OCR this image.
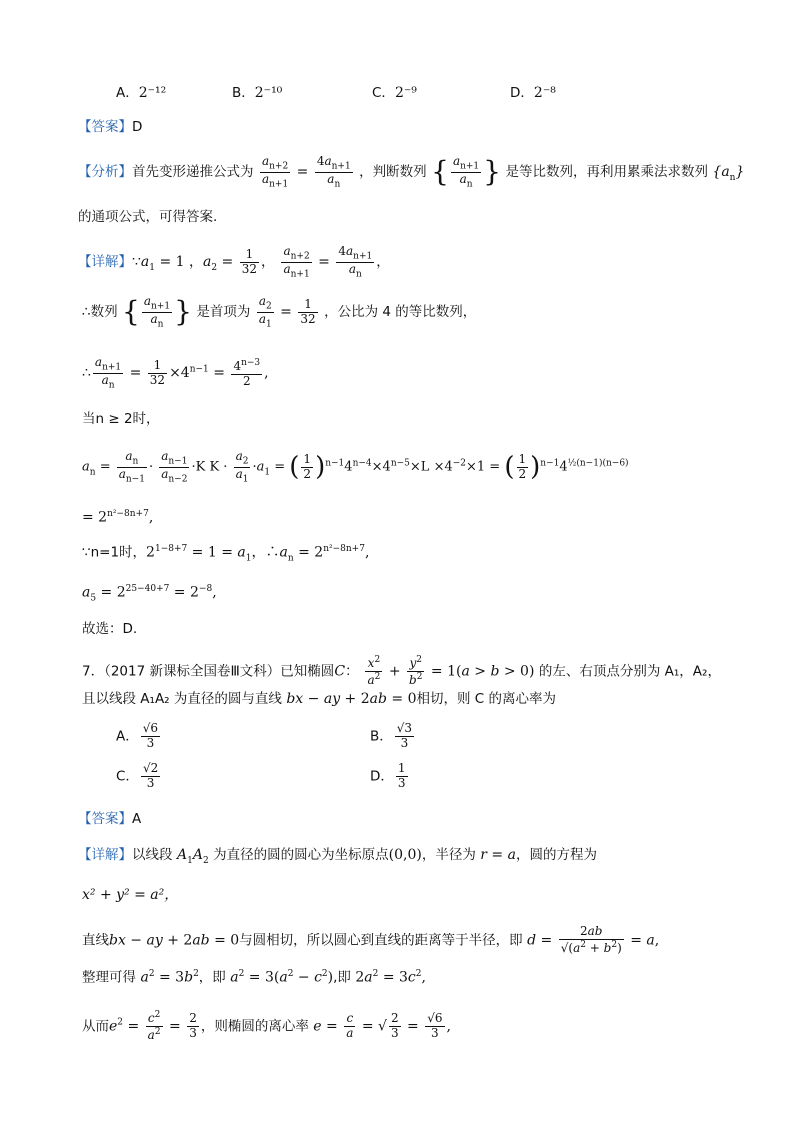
A．2⁻¹²	B．2⁻¹⁰	C．2⁻⁹	D．2⁻⁸
【答案】D
【分析】首先变形递推公式为 $\frac{a_{n+2}}{a_{n+1}} = \frac{4a_{n+1}}{a_n}$ ，判断数列 { $\frac{a_{n+1}}{a_n}$ } 是等比数列，再利用累乘法求数列 $\{a_n\}$
的通项公式，可得答案.
【详解】$\because a_1 = 1$ ，$a_2 = \frac{1}{32}$ ， $\frac{a_{n+2}}{a_{n+1}} = \frac{4a_{n+1}}{a_n}$ ，
∴数列 { $\frac{a_{n+1}}{a_n}$ } 是首项为 $\frac{a_2}{a_1} = \frac{1}{32}$ ，公比为 4 的等比数列，
∴ $\frac{a_{n+1}}{a_n} = \frac{1}{32} \times 4^{n-1} = \frac{4^{n-3}}{2}$ ,
当n ≥ 2时，
$a_n = \frac{a_n}{a_{n-1}} \cdot \frac{a_{n-1}}{a_{n-2}} \cdot K$ $K \cdot \frac{a_2}{a_1} \cdot a_1$ = ( $\frac{1}{2} )^{n-1}4^{n-4}\times 4^{n-5}\times L \times 4^{-2}\times 1$ = ( $\frac{1}{2} )^{n-1}4^{\frac{1}{2}(n-1)(n-6)}$
= $2^{n^2-8n+7}$,
∵n=1时，$2^{1-8+7} = 1 = a_1$，$\therefore a_n = 2^{n^2-8n+7}$,
$a_5 = 2^{25-40+7} = 2^{-8}$,
故选：D.
7．（2017 新课标全国卷Ⅲ文科）已知椭圆C： $\frac{x^2}{a^2} + \frac{y^2}{b^2} = 1(a > b > 0)$ 的左、右顶点分别为 A₁，A₂，
且以线段 A₁A₂ 为直径的圆与直线 bx − ay + 2ab = 0相切，则 C 的离心率为
A． $\frac{√6}{3}$	B． $\frac{√3}{3}$
C． $\frac{√2}{3}$	D． $\frac{1}{3}$
【答案】A
【详解】以线段 $A_1A_2$ 为直径的圆的圆心为坐标原点(0,0)，半径为 r = a，圆的方程为
x² + y² = a²，
直线bx − ay + 2ab = 0与圆相切，所以圆心到直线的距离等于半径，即 $d = \frac{2ab}{√(a^2 + b^2)} = a$,
整理可得 $a^2 = 3b^2$，即 $a^2 = 3(a^2 - c^2)$,即 $2a^2 = 3c^2$,
从而$e^2 = \frac{c^2}{a^2} = \frac{2}{3}$ ，则椭圆的离心率 $e = \frac{c}{a}$ = √ $\frac{2}{3} = \frac{√6}{3}$ ,
